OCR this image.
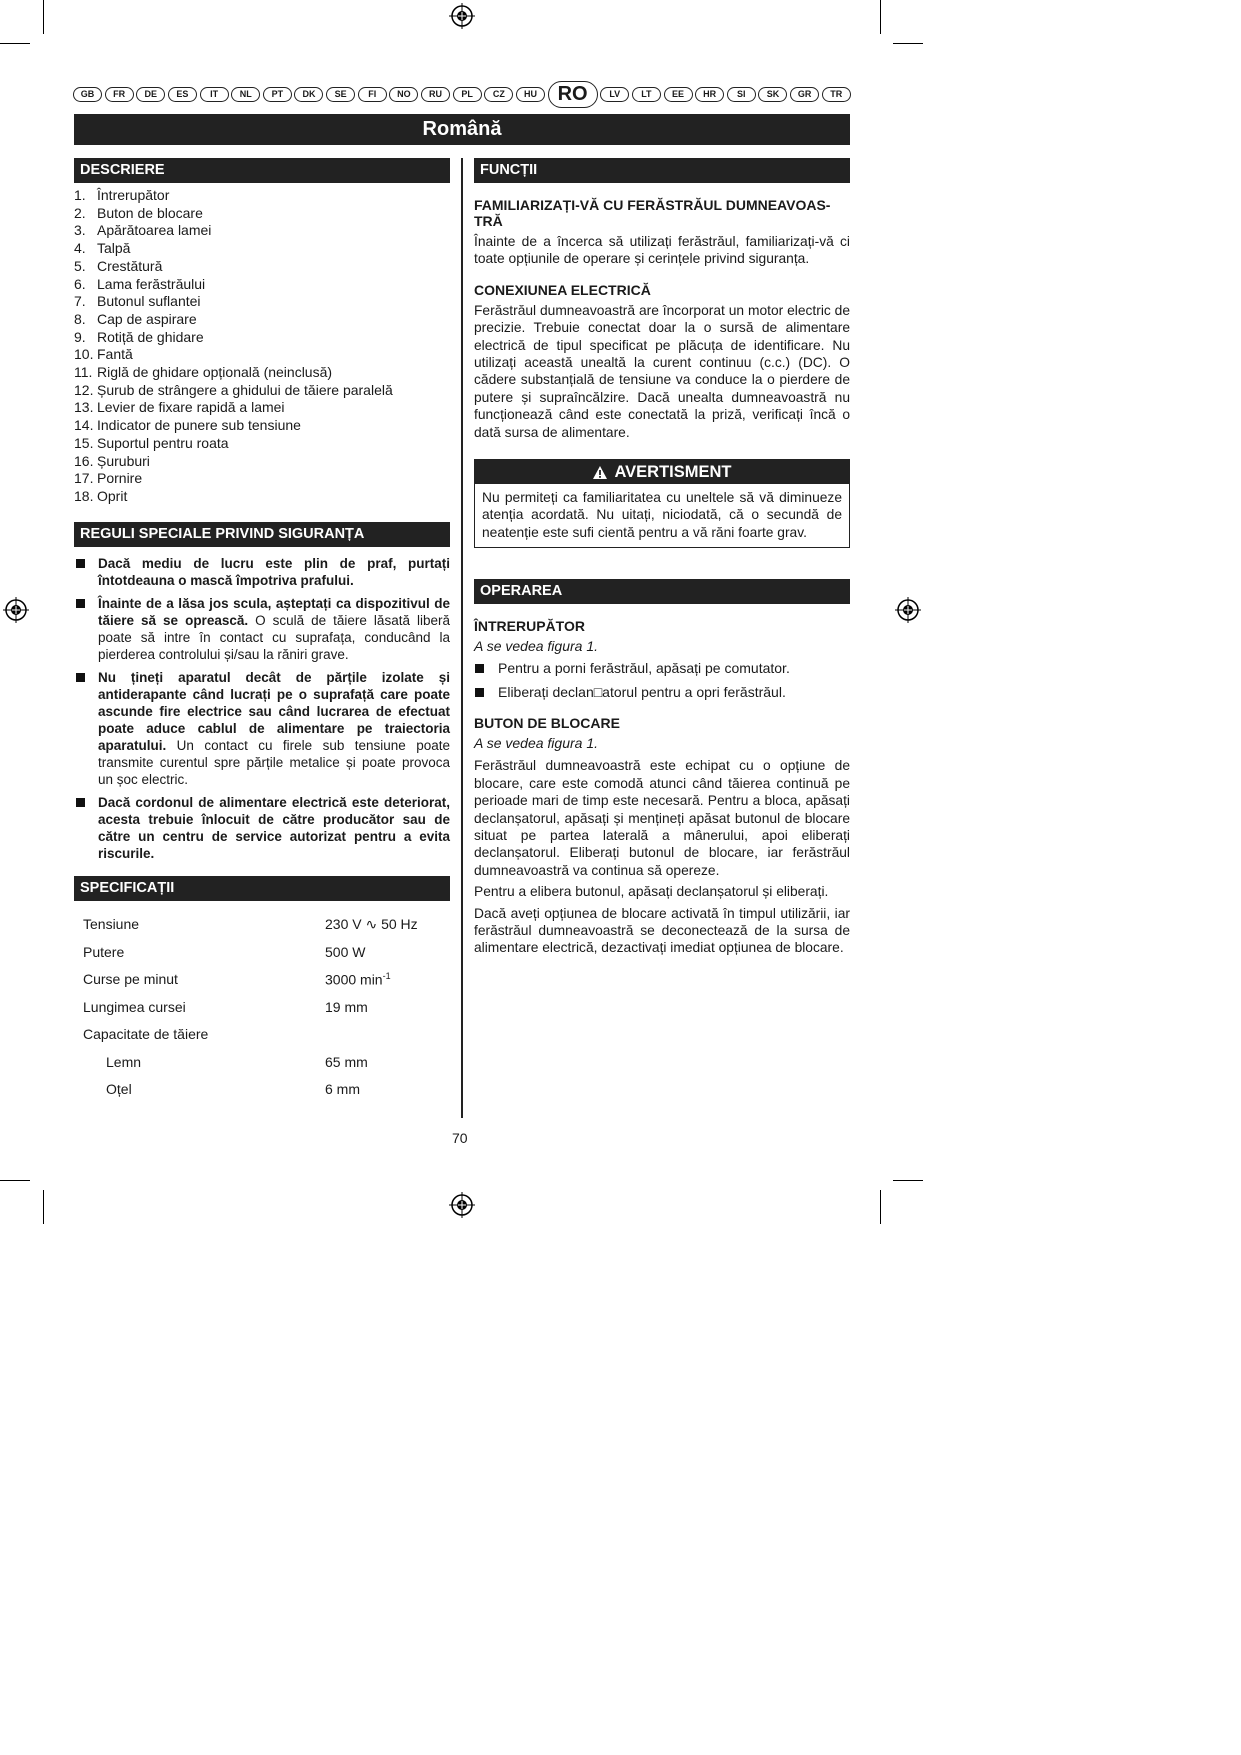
GB	FR	DE	ES	IT	NL	PT	DK	SE	FI	NO	RU	PL	CZ	HU	RO	LV	LT	EE	HR	SI	SK	GR	TR
Română
DESCRIERE
1. Întrerupător
2. Buton de blocare
3. Apărătoarea lamei
4. Talpă
5. Crestătură
6. Lama ferăstrăului
7. Butonul suflantei
8. Cap de aspirare
9. Rotiță de ghidare
10. Fantă
11. Riglă de ghidare opțională (neinclusă)
12. Șurub de strângere a ghidului de tăiere paralelă
13. Levier de fixare rapidă a lamei
14. Indicator de punere sub tensiune
15. Suportul pentru roata
16. Șuruburi
17. Pornire
18. Oprit
REGULI SPECIALE PRIVIND SIGURANȚA
Dacă mediu de lucru este plin de praf, purtați întotdeauna o mască împotriva prafului.
Înainte de a lăsa jos scula, așteptați ca dispozitivul de tăiere să se oprească. O sculă de tăiere lăsată liberă poate să intre în contact cu suprafața, conducând la pierderea controlului și/sau la răniri grave.
Nu țineți aparatul decât de părțile izolate și antiderapante când lucrați pe o suprafață care poate ascunde fire electrice sau când lucrarea de efectuat poate aduce cablul de alimentare pe traiectoria aparatului. Un contact cu firele sub tensiune poate transmite curentul spre părțile metalice și poate provoca un șoc electric.
Dacă cordonul de alimentare electrică este deteriorat, acesta trebuie înlocuit de către producător sau de către un centru de service autorizat pentru a evita riscurile.
SPECIFICAȚII
Tensiune	230 V ∿ 50 Hz
Putere	500 W
Curse pe minut	3000 $\min^{-1}$
Lungimea cursei	19 mm
Capacitate de tăiere
Lemn	65 mm
Oțel	6 mm
FUNCȚII
FAMILIARIZAȚI-VĂ CU FERĂSTRĂUL DUMNEAVOAS-TRĂ

Înainte de a încerca să utilizați ferăstrăul, familiarizați-vă ci toate opțiunile de operare și cerințele privind siguranța.

CONEXIUNEA ELECTRICĂ

Ferăstrăul dumneavoastră are încorporat un motor electric de precizie. Trebuie conectat doar la o sursă de alimentare electrică de tipul specificat pe plăcuța de identificare. Nu utilizați această unealtă la curent continuu (c.c.) (DC). O cădere substanțială de tensiune va conduce la o pierdere de putere și supraîncălzire. Dacă unealta dumneavoastră nu funcționează când este conectată la priză, verificați încă o dată sursa de alimentare.

AVERTISMENT
Nu permiteți ca familiaritatea cu uneltele să vă diminueze atenția acordată. Nu uitați, niciodată, că o secundă de neatenție este sufi cientă pentru a vă răni foarte grav.
OPERAREA
ÎNTRERUPĂTOR
A se vedea figura 1.
Pentru a porni ferăstrăul, apăsați pe comutator.
Eliberați declan□atorul pentru a opri ferăstrăul.
BUTON DE BLOCARE
A se vedea figura 1.

Ferăstrăul dumneavoastră este echipat cu o opțiune de blocare, care este comodă atunci când tăierea continuă pe perioade mari de timp este necesară. Pentru a bloca, apăsați declanșatorul, apăsați și mențineți apăsat butonul de blocare situat pe partea laterală a mânerului, apoi eliberați declanșatorul. Eliberați butonul de blocare, iar ferăstrăul dumneavoastră va continua să opereze.

Pentru a elibera butonul, apăsați declanșatorul și eliberați.

Dacă aveți opțiunea de blocare activată în timpul utilizării, iar ferăstrăul dumneavoastră se deconectează de la sursa de alimentare electrică, dezactivați imediat opțiunea de blocare.

70
